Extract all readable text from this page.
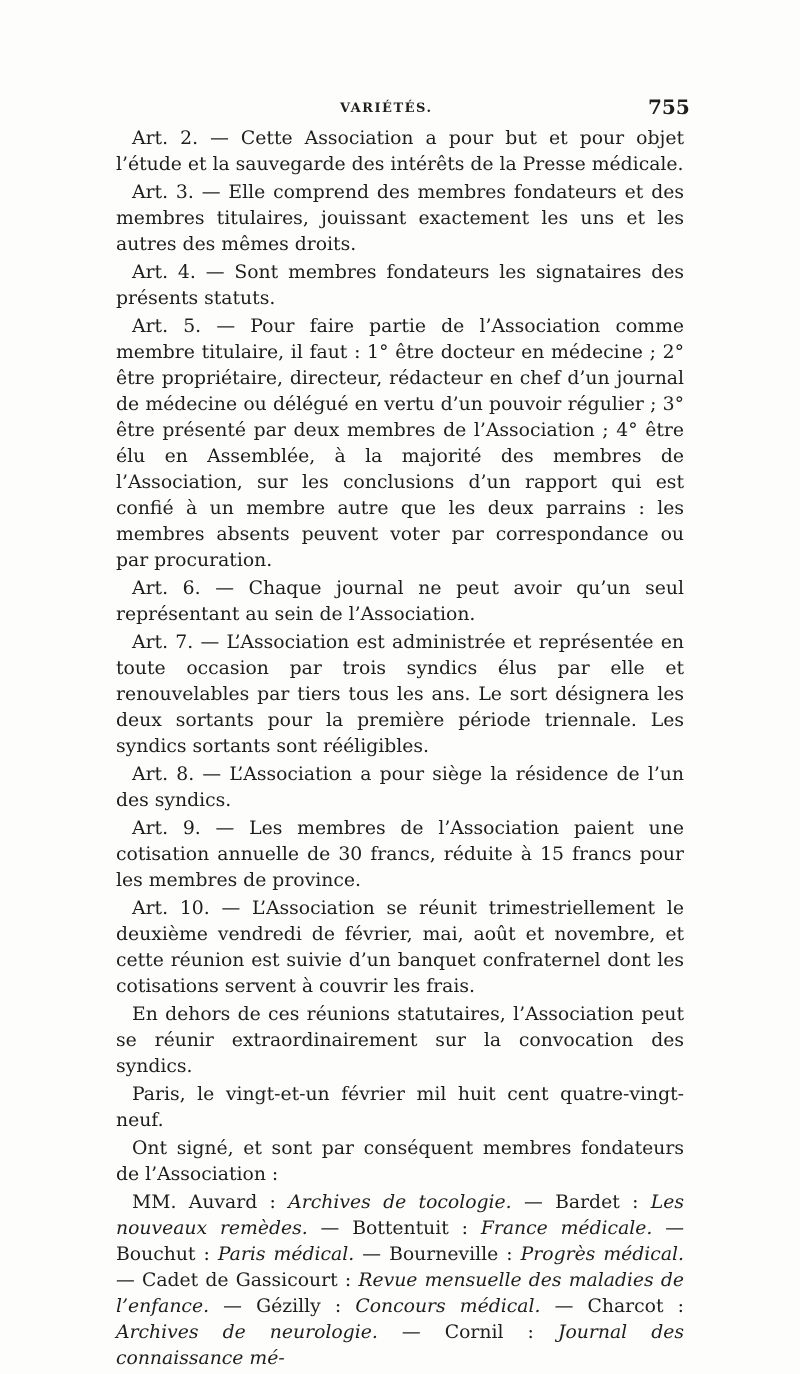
VARIÉTÉS.	755

Art. 2. — Cette Association a pour but et pour objet l’étude et la sauvegarde des intérêts de la Presse médicale.

Art. 3. — Elle comprend des membres fondateurs et des membres titulaires, jouissant exactement les uns et les autres des mêmes droits.

Art. 4. — Sont membres fondateurs les signataires des présents statuts.

Art. 5. — Pour faire partie de l’Association comme membre titulaire, il faut : 1° être docteur en médecine ; 2° être propriétaire, directeur, rédacteur en chef d’un journal de médecine ou délégué en vertu d’un pouvoir régulier ; 3° être présenté par deux membres de l’Association ; 4° être élu en Assemblée, à la majorité des membres de l’Association, sur les conclusions d’un rapport qui est confié à un membre autre que les deux parrains : les membres absents peuvent voter par correspondance ou par procuration.

Art. 6. — Chaque journal ne peut avoir qu’un seul représentant au sein de l’Association.

Art. 7. — L’Association est administrée et représentée en toute occasion par trois syndics élus par elle et renouvelables par tiers tous les ans. Le sort désignera les deux sortants pour la première période triennale. Les syndics sortants sont rééligibles.

Art. 8. — L’Association a pour siège la résidence de l’un des syndics.

Art. 9. — Les membres de l’Association paient une cotisation annuelle de 30 francs, réduite à 15 francs pour les membres de province.

Art. 10. — L’Association se réunit trimestriellement le deuxième vendredi de février, mai, août et novembre, et cette réunion est suivie d’un banquet confraternel dont les cotisations servent à couvrir les frais.

En dehors de ces réunions statutaires, l’Association peut se réunir extraordinairement sur la convocation des syndics.

Paris, le vingt-et-un février mil huit cent quatre-vingt-neuf.

Ont signé, et sont par conséquent membres fondateurs de l’Association :

MM. Auvard : Archives de tocologie. — Bardet : Les nouveaux remèdes. — Bottentuit : France médicale. — Bouchut : Paris médical. — Bourneville : Progrès médical. — Cadet de Gassicourt : Revue mensuelle des maladies de l’enfance. — Gézilly : Concours médical. — Charcot : Archives de neurologie. — Cornil : Journal des connaissance mé-
